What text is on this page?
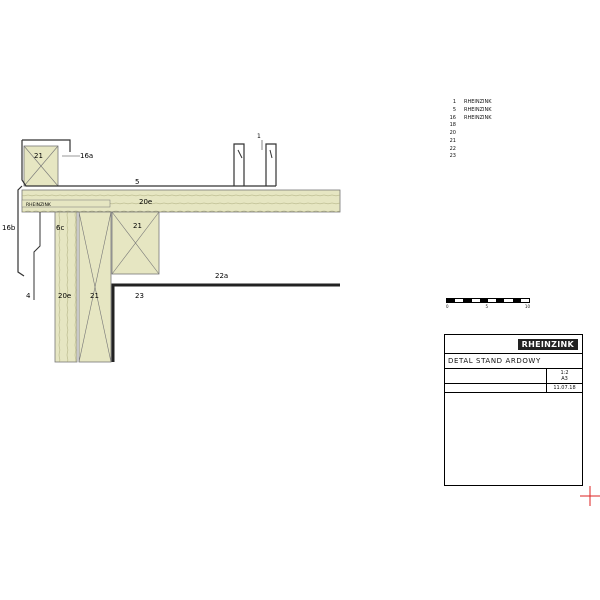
RHEINZINK
1
16a
5
20e
21
16b	6c	21
4	20e	21
22a
23
1 RHEINZINK
5 RHEINZINK
16 RHEINZINK
18
20
21
22
23
0	5	10
RHEINZINK
DETAL STAND ARDOWY
1:2
A3
11.07.18
